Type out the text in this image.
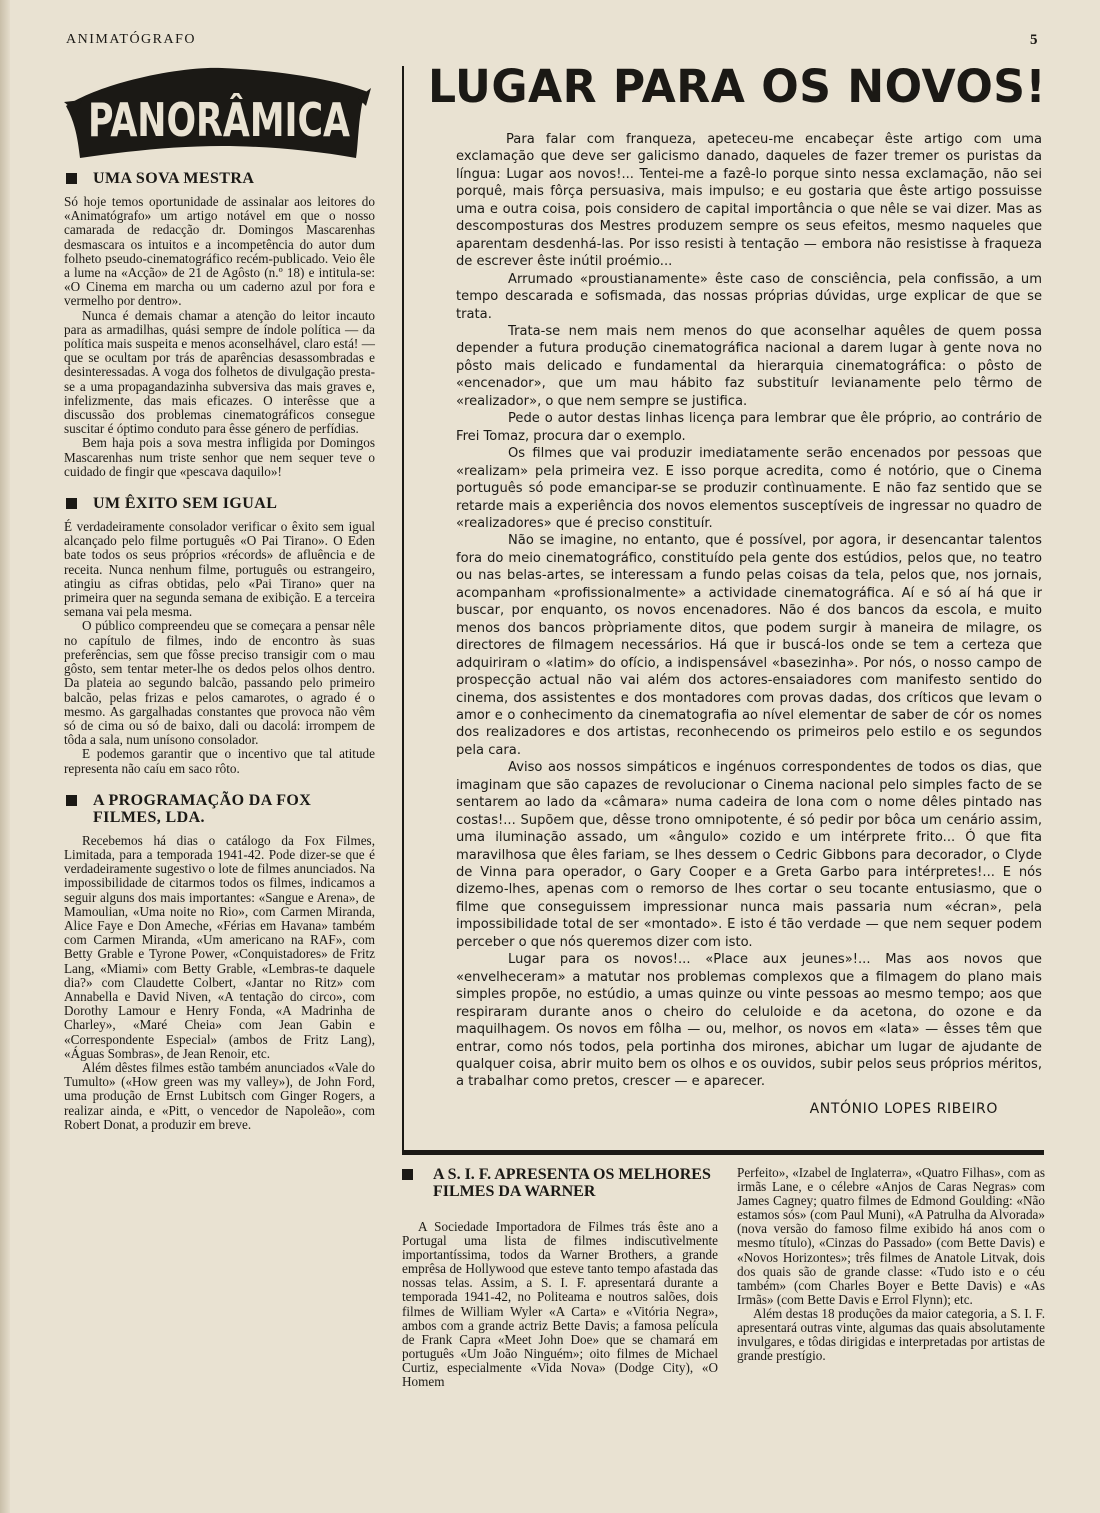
ANIMATÓGRAFO	5
PANORÂMICA
UMA SOVA MESTRA

Só hoje temos oportunidade de assinalar aos leitores do «Animatógrafo» um artigo notável em que o nosso camarada de redacção dr. Domingos Mascarenhas desmascara os intuitos e a incompetência do autor dum folheto pseudo-cinematográfico recém-publicado. Veio êle a lume na «Acção» de 21 de Agôsto (n.º 18) e intitula-se: «O Cinema em marcha ou um caderno azul por fora e vermelho por dentro».

Nunca é demais chamar a atenção do leitor incauto para as armadilhas, quási sempre de índole política — da política mais suspeita e menos aconselhável, claro está! — que se ocultam por trás de aparências desassombradas e desinteressadas. A voga dos folhetos de divulgação presta-se a uma propagandazinha subversiva das mais graves e, infelizmente, das mais eficazes. O interêsse que a discussão dos problemas cinematográficos consegue suscitar é óptimo conduto para êsse género de perfídias.

Bem haja pois a sova mestra infligida por Domingos Mascarenhas num triste senhor que nem sequer teve o cuidado de fingir que «pescava daquilo»!

UM ÊXITO SEM IGUAL

É verdadeiramente consolador verificar o êxito sem igual alcançado pelo filme português «O Pai Tirano». O Eden bate todos os seus próprios «récords» de afluência e de receita. Nunca nenhum filme, português ou estrangeiro, atingiu as cifras obtidas, pelo «Pai Tirano» quer na primeira quer na segunda semana de exibição. E a terceira semana vai pela mesma.

O público compreendeu que se começara a pensar nêle no capítulo de filmes, indo de encontro às suas preferências, sem que fôsse preciso transigir com o mau gôsto, sem tentar meter-lhe os dedos pelos olhos dentro. Da plateia ao segundo balcão, passando pelo primeiro balcão, pelas frizas e pelos camarotes, o agrado é o mesmo. As gargalhadas constantes que provoca não vêm só de cima ou só de baixo, dali ou dacolá: irrompem de tôda a sala, num unísono consolador.

E podemos garantir que o incentivo que tal atitude representa não caíu em saco rôto.

A PROGRAMAÇÃO DA FOX FILMES, LDA.

Recebemos há dias o catálogo da Fox Filmes, Limitada, para a temporada 1941-42. Pode dizer-se que é verdadeiramente sugestivo o lote de filmes anunciados. Na impossibilidade de citarmos todos os filmes, indicamos a seguir alguns dos mais importantes: «Sangue e Arena», de Mamoulian, «Uma noite no Rio», com Carmen Miranda, Alice Faye e Don Ameche, «Férias em Havana» também com Carmen Miranda, «Um americano na RAF», com Betty Grable e Tyrone Power, «Conquistadores» de Fritz Lang, «Miami» com Betty Grable, «Lembras-te daquele dia?» com Claudette Colbert, «Jantar no Ritz» com Annabella e David Niven, «A tentação do circo», com Dorothy Lamour e Henry Fonda, «A Madrinha de Charley», «Maré Cheia» com Jean Gabin e «Correspondente Especial» (ambos de Fritz Lang), «Águas Sombras», de Jean Renoir, etc.

Além dêstes filmes estão também anunciados «Vale do Tumulto» («How green was my valley»), de John Ford, uma produção de Ernst Lubitsch com Ginger Rogers, a realizar ainda, e «Pitt, o vencedor de Napoleão», com Robert Donat, a produzir em breve.

LUGAR PARA OS NOVOS!

Para falar com franqueza, apeteceu-me encabeçar êste artigo com uma exclamação que deve ser galicismo danado, daqueles de fazer tremer os puristas da língua: Lugar aos novos!... Tentei-me a fazê-lo porque sinto nessa exclamação, não sei porquê, mais fôrça persuasiva, mais impulso; e eu gostaria que êste artigo possuisse uma e outra coisa, pois considero de capital importância o que nêle se vai dizer. Mas as descomposturas dos Mestres produzem sempre os seus efeitos, mesmo naqueles que aparentam desdenhá-las. Por isso resisti à tentação — embora não resistisse à fraqueza de escrever êste inútil proémio...

Arrumado «proustianamente» êste caso de consciência, pela confissão, a um tempo descarada e sofismada, das nossas próprias dúvidas, urge explicar de que se trata.

Trata-se nem mais nem menos do que aconselhar aquêles de quem possa depender a futura produção cinematográfica nacional a darem lugar à gente nova no pôsto mais delicado e fundamental da hierarquia cinematográfica: o pôsto de «encenador», que um mau hábito faz substituír levianamente pelo têrmo de «realizador», o que nem sempre se justifica.

Pede o autor destas linhas licença para lembrar que êle próprio, ao contrário de Frei Tomaz, procura dar o exemplo.

Os filmes que vai produzir imediatamente serão encenados por pessoas que «realizam» pela primeira vez. E isso porque acredita, como é notório, que o Cinema português só pode emancipar-se se produzir contìnuamente. E não faz sentido que se retarde mais a experiência dos novos elementos susceptíveis de ingressar no quadro de «realizadores» que é preciso constituír.

Não se imagine, no entanto, que é possível, por agora, ir desencantar talentos fora do meio cinematográfico, constituído pela gente dos estúdios, pelos que, no teatro ou nas belas-artes, se interessam a fundo pelas coisas da tela, pelos que, nos jornais, acompanham «profissionalmente» a actividade cinematográfica. Aí e só aí há que ir buscar, por enquanto, os novos encenadores. Não é dos bancos da escola, e muito menos dos bancos pròpriamente ditos, que podem surgir à maneira de milagre, os directores de filmagem necessários. Há que ir buscá-los onde se tem a certeza que adquiriram o «latim» do ofício, a indispensável «basezinha». Por nós, o nosso campo de prospecção actual não vai além dos actores-ensaiadores com manifesto sentido do cinema, dos assistentes e dos montadores com provas dadas, dos críticos que levam o amor e o conhecimento da cinematografia ao nível elementar de saber de cór os nomes dos realizadores e dos artistas, reconhecendo os primeiros pelo estilo e os segundos pela cara.

Aviso aos nossos simpáticos e ingénuos correspondentes de todos os dias, que imaginam que são capazes de revolucionar o Cinema nacional pelo simples facto de se sentarem ao lado da «câmara» numa cadeira de lona com o nome dêles pintado nas costas!... Supõem que, dêsse trono omnipotente, é só pedir por bôca um cenário assim, uma iluminação assado, um «ângulo» cozido e um intérprete frito... Ó que fita maravilhosa que êles fariam, se lhes dessem o Cedric Gibbons para decorador, o Clyde de Vinna para operador, o Gary Cooper e a Greta Garbo para intérpretes!... E nós dizemo-lhes, apenas com o remorso de lhes cortar o seu tocante entusiasmo, que o filme que conseguissem impressionar nunca mais passaria num «écran», pela impossibilidade total de ser «montado». E isto é tão verdade — que nem sequer podem perceber o que nós queremos dizer com isto.

Lugar para os novos!... «Place aux jeunes»!... Mas aos novos que «envelheceram» a matutar nos problemas complexos que a filmagem do plano mais simples propõe, no estúdio, a umas quinze ou vinte pessoas ao mesmo tempo; aos que respiraram durante anos o cheiro do celuloide e da acetona, do ozone e da maquilhagem. Os novos em fôlha — ou, melhor, os novos em «lata» — êsses têm que entrar, como nós todos, pela portinha dos mirones, abichar um lugar de ajudante de qualquer coisa, abrir muito bem os olhos e os ouvidos, subir pelos seus próprios méritos, a trabalhar como pretos, crescer — e aparecer.

ANTÓNIO LOPES RIBEIRO
A S. I. F. APRESENTA OS MELHORES FILMES DA WARNER

A Sociedade Importadora de Filmes trás êste ano a Portugal uma lista de filmes indiscutìvelmente importantíssima, todos da Warner Brothers, a grande emprêsa de Hollywood que esteve tanto tempo afastada das nossas telas. Assim, a S. I. F. apresentará durante a temporada 1941-42, no Politeama e noutros salões, dois filmes de William Wyler «A Carta» e «Vitória Negra», ambos com a grande actriz Bette Davis; a famosa película de Frank Capra «Meet John Doe» que se chamará em português «Um João Ninguém»; oito filmes de Michael Curtiz, especialmente «Vida Nova» (Dodge City), «O Homem

Perfeito», «Izabel de Inglaterra», «Quatro Filhas», com as irmãs Lane, e o célebre «Anjos de Caras Negras» com James Cagney; quatro filmes de Edmond Goulding: «Não estamos sós» (com Paul Muni), «A Patrulha da Alvorada» (nova versão do famoso filme exibido há anos com o mesmo título), «Cinzas do Passado» (com Bette Davis) e «Novos Horizontes»; três filmes de Anatole Litvak, dois dos quais são de grande classe: «Tudo isto e o céu também» (com Charles Boyer e Bette Davis) e «As Irmãs» (com Bette Davis e Errol Flynn); etc.

Além destas 18 produções da maior categoria, a S. I. F. apresentará outras vinte, algumas das quais absolutamente invulgares, e tôdas dirigidas e interpretadas por artistas de grande prestígio.
